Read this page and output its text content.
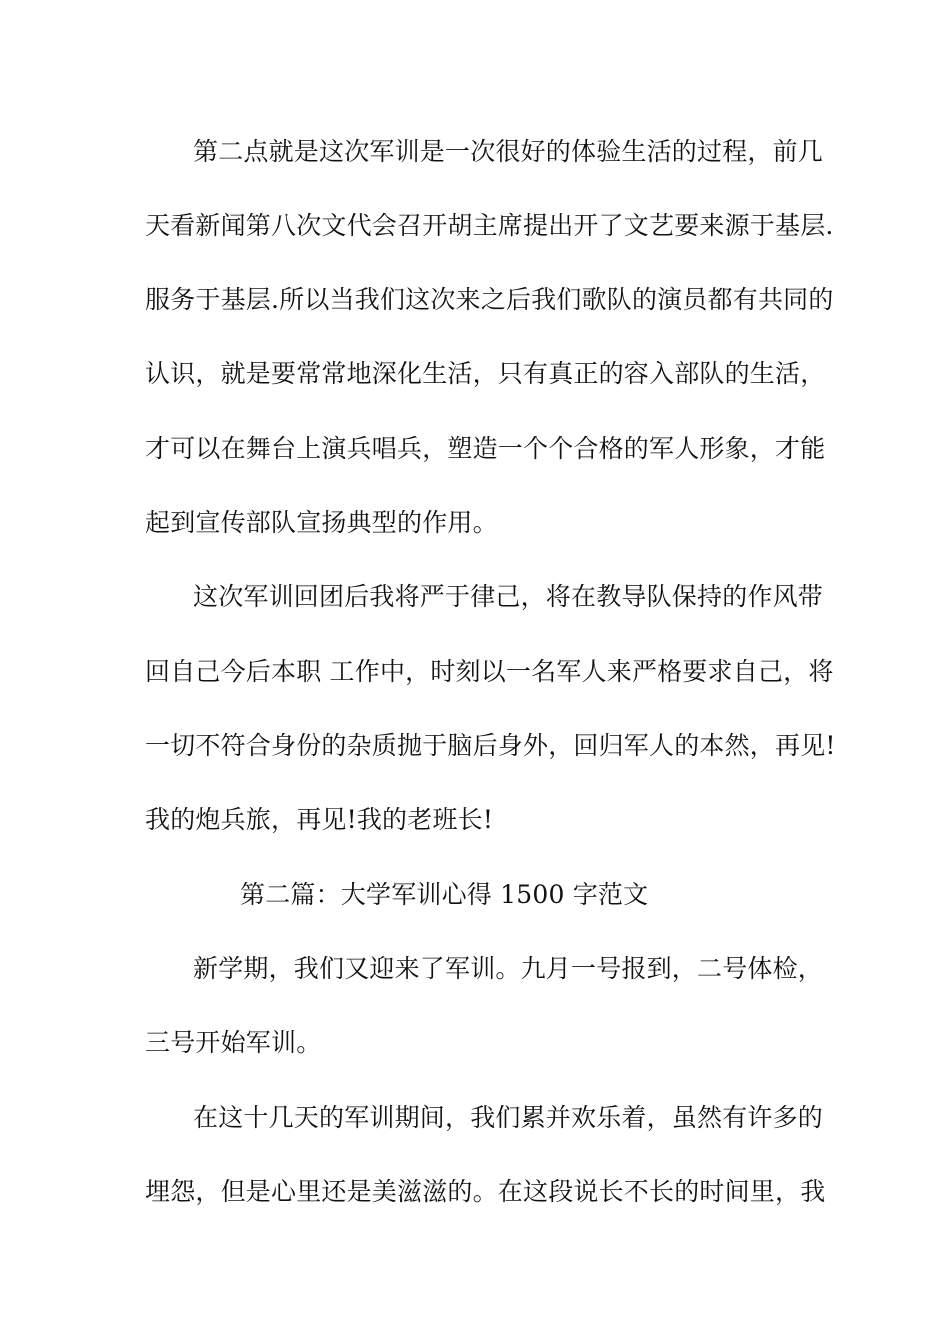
第二点就是这次军训是一次很好的体验生活的过程，前几
天看新闻第八次文代会召开胡主席提出开了文艺要来源于基层.
服务于基层.所以当我们这次来之后我们歌队的演员都有共同的
认识，就是要常常地深化生活，只有真正的容入部队的生活，
才可以在舞台上演兵唱兵，塑造一个个合格的军人形象，才能
起到宣传部队宣扬典型的作用。
这次军训回团后我将严于律己，将在教导队保持的作风带
回自己今后本职 工作中，时刻以一名军人来严格要求自己，将
一切不符合身份的杂质抛于脑后身外，回归军人的本然，再见!
我的炮兵旅，再见!我的老班长!
第二篇：大学军训心得 1500 字范文
新学期，我们又迎来了军训。九月一号报到，二号体检，
三号开始军训。
在这十几天的军训期间，我们累并欢乐着，虽然有许多的
埋怨，但是心里还是美滋滋的。在这段说长不长的时间里，我
